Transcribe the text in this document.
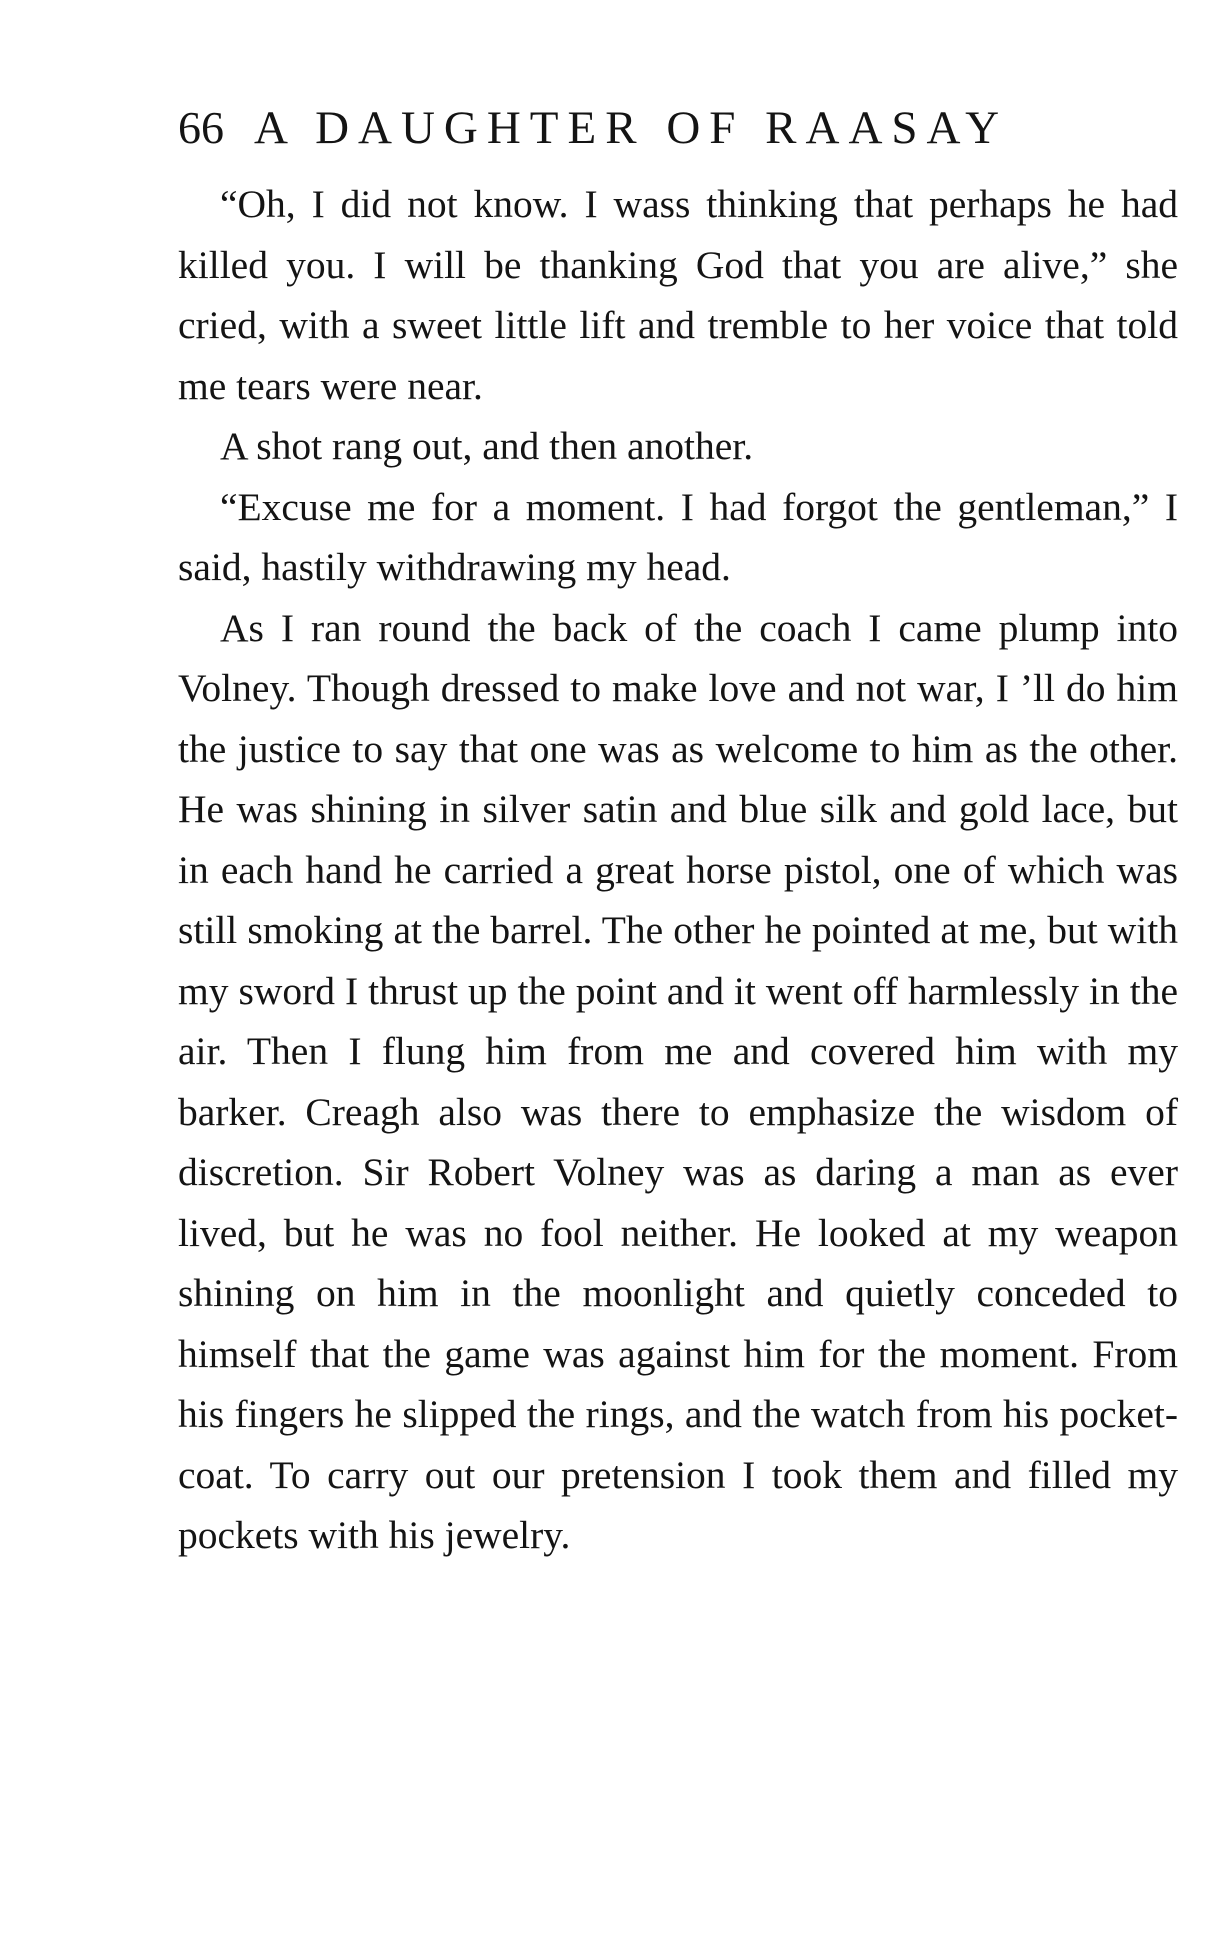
66 A DAUGHTER OF RAASAY

“Oh, I did not know. I wass thinking that perhaps he had killed you. I will be thanking God that you are alive,” she cried, with a sweet little lift and tremble to her voice that told me tears were near.

A shot rang out, and then another.

“Excuse me for a moment. I had forgot the gentleman,” I said, hastily withdrawing my head.

As I ran round the back of the coach I came plump into Volney. Though dressed to make love and not war, I ’ll do him the justice to say that one was as welcome to him as the other. He was shining in silver satin and blue silk and gold lace, but in each hand he carried a great horse pistol, one of which was still smoking at the barrel. The other he pointed at me, but with my sword I thrust up the point and it went off harmlessly in the air. Then I flung him from me and covered him with my barker. Creagh also was there to emphasize the wisdom of discretion. Sir Robert Volney was as daring a man as ever lived, but he was no fool neither. He looked at my weapon shining on him in the moonlight and quietly conceded to himself that the game was against him for the moment. From his fingers he slipped the rings, and the watch from his pocket-coat. To carry out our pretension I took them and filled my pockets with his jewelry.
